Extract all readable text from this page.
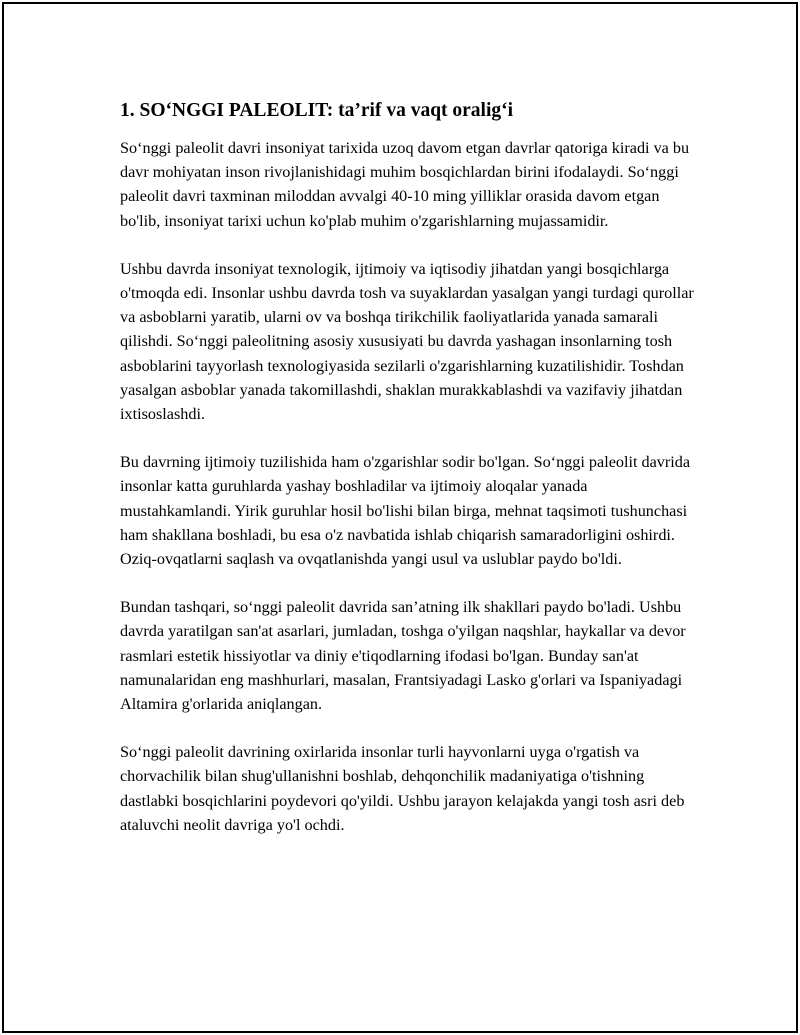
1. SO‘NGGI PALEOLIT: ta’rif va vaqt oralig‘i

So‘nggi paleolit davri insoniyat tarixida uzoq davom etgan davrlar qatoriga kiradi va bu davr mohiyatan inson rivojlanishidagi muhim bosqichlardan birini ifodalaydi. So‘nggi paleolit davri taxminan miloddan avvalgi 40-10 ming yilliklar orasida davom etgan bo'lib, insoniyat tarixi uchun ko'plab muhim o'zgarishlarning mujassamidir.

Ushbu davrda insoniyat texnologik, ijtimoiy va iqtisodiy jihatdan yangi bosqichlarga o'tmoqda edi. Insonlar ushbu davrda tosh va suyaklardan yasalgan yangi turdagi qurollar va asboblarni yaratib, ularni ov va boshqa tirikchilik faoliyatlarida yanada samarali qilishdi. So‘nggi paleolitning asosiy xususiyati bu davrda yashagan insonlarning tosh asboblarini tayyorlash texnologiyasida sezilarli o'zgarishlarning kuzatilishidir. Toshdan yasalgan asboblar yanada takomillashdi, shaklan murakkablashdi va vazifaviy jihatdan ixtisoslashdi.

Bu davrning ijtimoiy tuzilishida ham o'zgarishlar sodir bo'lgan. So‘nggi paleolit davrida insonlar katta guruhlarda yashay boshladilar va ijtimoiy aloqalar yanada mustahkamlandi. Yirik guruhlar hosil bo'lishi bilan birga, mehnat taqsimoti tushunchasi ham shakllana boshladi, bu esa o'z navbatida ishlab chiqarish samaradorligini oshirdi. Oziq-ovqatlarni saqlash va ovqatlanishda yangi usul va uslublar paydo bo'ldi.

Bundan tashqari, so‘nggi paleolit davrida san’atning ilk shakllari paydo bo'ladi. Ushbu davrda yaratilgan san'at asarlari, jumladan, toshga o'yilgan naqshlar, haykallar va devor rasmlari estetik hissiyotlar va diniy e'tiqodlarning ifodasi bo'lgan. Bunday san'at namunalaridan eng mashhurlari, masalan, Frantsiyadagi Lasko g'orlari va Ispaniyadagi Altamira g'orlarida aniqlangan.

So‘nggi paleolit davrining oxirlarida insonlar turli hayvonlarni uyga o'rgatish va chorvachilik bilan shug'ullanishni boshlab, dehqonchilik madaniyatiga o'tishning dastlabki bosqichlarini poydevori qo'yildi. Ushbu jarayon kelajakda yangi tosh asri deb ataluvchi neolit davriga yo'l ochdi.
